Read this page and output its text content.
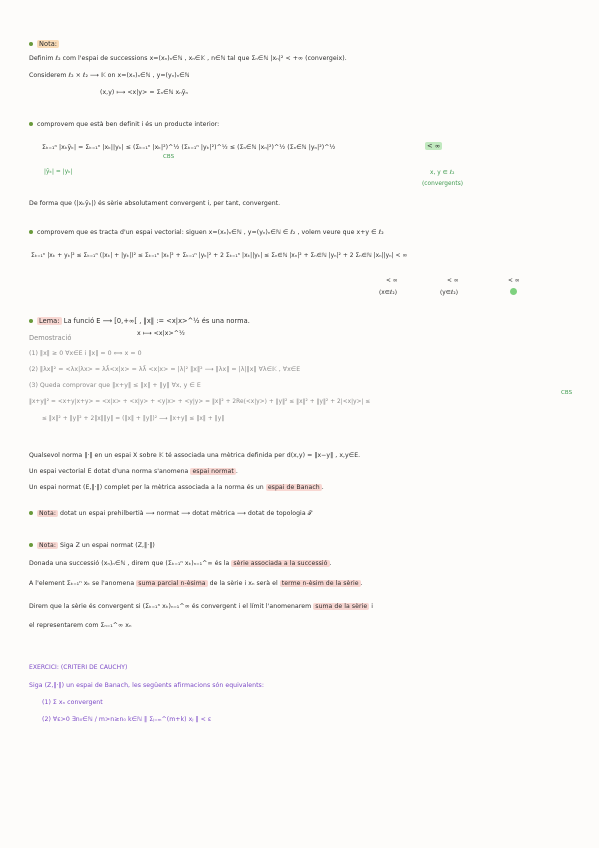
Nota:
Definim ℓ₂ com l'espai de successions x=(xₙ)ₙ∈ℕ , xₙ∈𝕂 , n∈ℕ tal que Σₙ∈ℕ |xₙ|² < +∞ (convergeix).
Considerem ℓ₂ × ℓ₂ ⟶ 𝕂 on x=(xₙ)ₙ∈ℕ , y=(yₙ)ₙ∈ℕ
(x,y) ⟼ <x|y> = Σₙ∈ℕ xₙȳₙ
comprovem que està ben definit i és un producte interior:
Σₖ₌₁ⁿ |xₖȳₖ| = Σₖ₌₁ⁿ |xₖ||yₖ| ≤ (Σₖ₌₁ⁿ |xₖ|²)^½ (Σₖ₌₁ⁿ |yₖ|²)^½ ≤ (Σₙ∈ℕ |xₙ|²)^½ (Σₙ∈ℕ |yₙ|²)^½
CBS
< ∞
|ȳₖ| = |yₖ|	x, y ∈ ℓ₂
(convergents)
De forma que (|xₖȳₖ|) és sèrie absolutament convergent i, per tant, convergent.
comprovem que es tracta d'un espai vectorial: siguen x=(xₙ)ₙ∈ℕ , y=(yₙ)ₙ∈ℕ ∈ ℓ₂ , volem veure que x+y ∈ ℓ₂
Σₖ₌₁ⁿ |xₖ + yₖ|² ≤ Σₖ₌₁ⁿ (|xₖ| + |yₖ|)² ≤ Σₖ₌₁ⁿ |xₖ|² + Σₖ₌₁ⁿ |yₖ|² + 2 Σₖ₌₁ⁿ |xₖ||yₖ| ≤ Σₙ∈ℕ |xₙ|² + Σₙ∈ℕ |yₙ|² + 2 Σₙ∈ℕ |xₙ||yₙ| < ∞
< ∞
(x∈ℓ₂)
< ∞
(y∈ℓ₂)
< ∞
Lema: La funció E ⟶ [0,+∞[ , ‖x‖ := <x|x>^½ és una norma.
x ⟼ <x|x>^½
Demostració
(1) ‖x‖ ≥ 0 ∀x∈E i ‖x‖ = 0 ⟺ x = 0
(2) ‖λx‖² = <λx|λx> = λλ̄<x|x> = λλ̄ <x|x> = |λ|² ‖x‖² ⟶ ‖λx‖ = |λ|‖x‖ ∀λ∈𝕂 , ∀x∈E
(3) Queda comprovar que ‖x+y‖ ≤ ‖x‖ + ‖y‖ ∀x, y ∈ E
CBS
‖x+y‖² = <x+y|x+y> = <x|x> + <x|y> + <y|x> + <y|y> = ‖x‖² + 2Re(<x|y>) + ‖y‖² ≤ ‖x‖² + ‖y‖² + 2|<x|y>| ≤
≤ ‖x‖² + ‖y‖² + 2‖x‖‖y‖ = (‖x‖ + ‖y‖)² ⟶ ‖x+y‖ ≤ ‖x‖ + ‖y‖
Qualsevol norma ‖·‖ en un espai X sobre 𝕂 té associada una mètrica definida per d(x,y) = ‖x−y‖ , x,y∈E.
Un espai vectorial E dotat d'una norma s'anomena espai normat .
Un espai normat (E,‖·‖) complet per la mètrica associada a la norma és un espai de Banach .
Nota: dotat un espai prehilbertià ⟶ normat ⟶ dotat mètrica ⟶ dotat de topologia 𝒯
Nota: Siga Z un espai normat (Z,‖·‖)
Donada una successió (xₙ)ₙ∈ℕ , direm que (Σₖ₌₁ⁿ xₖ)ₙ₌₁^∞ és la sèrie associada a la successió .
A l'element Σₖ₌₁ⁿ xₖ se l'anomena suma parcial n-èsima de la sèrie i xₙ serà el terme n-èsim de la sèrie .
Direm que la sèrie és convergent si (Σₖ₌₁ⁿ xₖ)ₙ₌₁^∞ és convergent i el límit l'anomenarem suma de la sèrie i
el representarem com Σₙ₌₁^∞ xₙ
EXERCICI: (CRITERI DE CAUCHY)
Siga (Z,‖·‖) un espai de Banach, les següents afirmacions són equivalents:
(1) Σ xₙ convergent
(2) ∀ε>0 ∃n₀∈ℕ / m>n≥n₀ k∈ℕ ‖ Σⱼ₌ₘ^(m+k) xⱼ ‖ < ε
